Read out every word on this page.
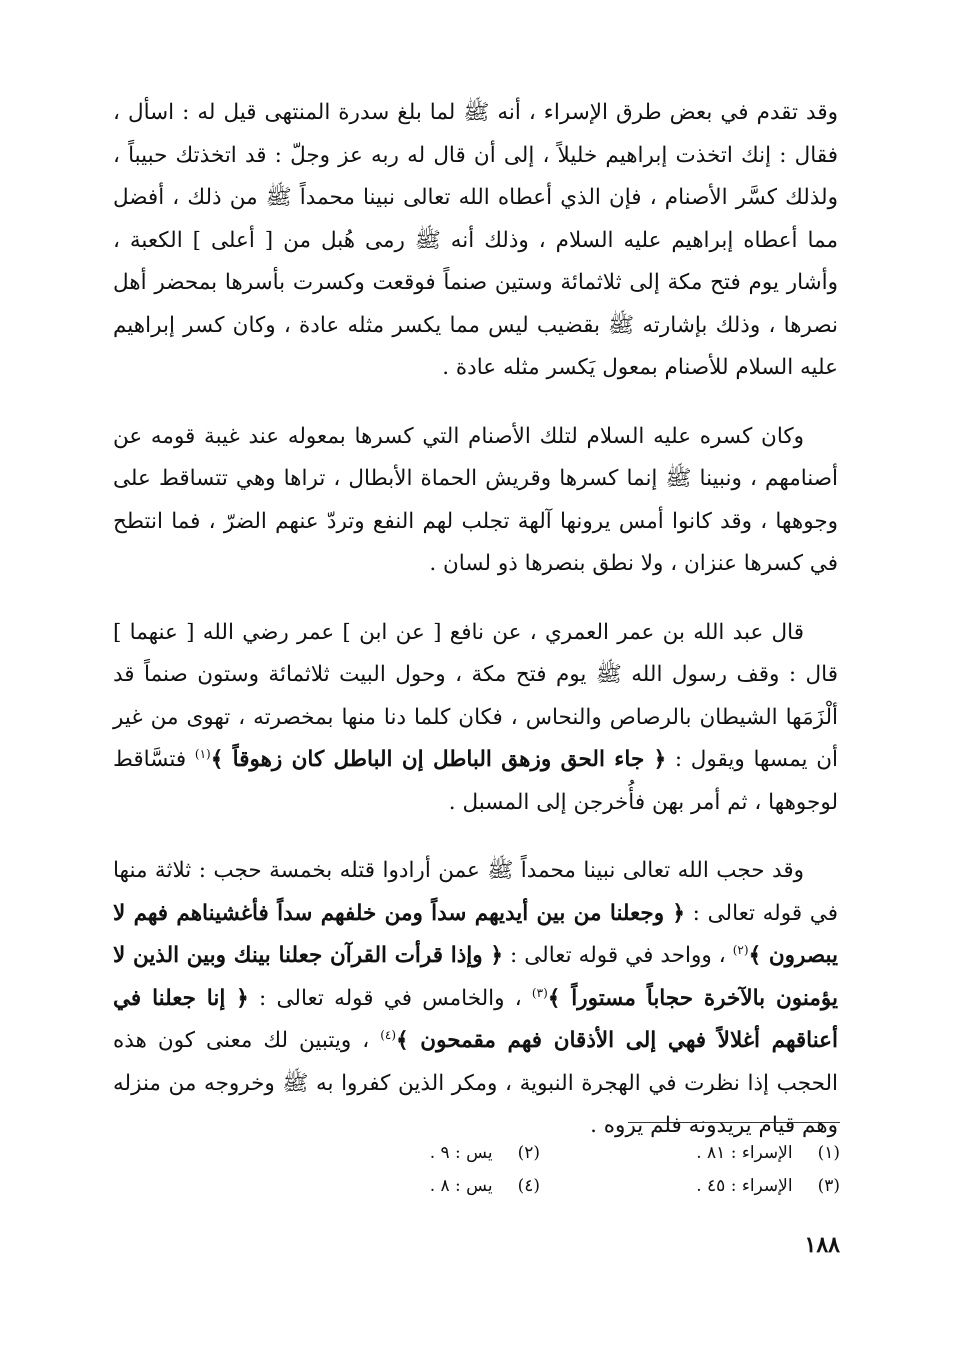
وقد تقدم في بعض طرق الإسراء ، أنه ﷺ لما بلغ سدرة المنتهى قيل له : اسأل ، فقال : إنك اتخذت إبراهيم خليلاً ، إلى أن قال له ربه عز وجلّ : قد اتخذتك حبيباً ، ولذلك كسَّر الأصنام ، فإن الذي أعطاه الله تعالى نبينا محمداً ﷺ من ذلك ، أفضل مما أعطاه إبراهيم عليه السلام ، وذلك أنه ﷺ رمى هُبل من [ أعلى ] الكعبة ، وأشار يوم فتح مكة إلى ثلاثمائة وستين صنماً فوقعت وكسرت بأسرها بمحضر أهل نصرها ، وذلك بإشارته ﷺ بقضيب ليس مما يكسر مثله عادة ، وكان كسر إبراهيم عليه السلام للأصنام بمعول يَكسر مثله عادة .

وكان كسره عليه السلام لتلك الأصنام التي كسرها بمعوله عند غيبة قومه عن أصنامهم ، ونبينا ﷺ إنما كسرها وقريش الحماة الأبطال ، تراها وهي تتساقط على وجوهها ، وقد كانوا أمس يرونها آلهة تجلب لهم النفع وتردّ عنهم الضرّ ، فما انتطح في كسرها عنزان ، ولا نطق بنصرها ذو لسان .

قال عبد الله بن عمر العمري ، عن نافع [ عن ابن ] عمر رضي الله [ عنهما ] قال : وقف رسول الله ﷺ يوم فتح مكة ، وحول البيت ثلاثمائة وستون صنماً قد ألْزَمَها الشيطان بالرصاص والنحاس ، فكان كلما دنا منها بمخصرته ، تهوى من غير أن يمسها ويقول : ﴿ جاء الحق وزهق الباطل إن الباطل كان زهوقاً ﴾$^{(١)}$ فتسَّاقط لوجوهها ، ثم أمر بهن فأُخرجن إلى المسبل .

وقد حجب الله تعالى نبينا محمداً ﷺ عمن أرادوا قتله بخمسة حجب : ثلاثة منها في قوله تعالى : ﴿ وجعلنا من بين أيديهم سداً ومن خلفهم سداً فأغشيناهم فهم لا يبصرون ﴾$^{(٢)}$ ، وواحد في قوله تعالى : ﴿ وإذا قرأت القرآن جعلنا بينك وبين الذين لا يؤمنون بالآخرة حجاباً مستوراً ﴾$^{(٣)}$ ، والخامس في قوله تعالى : ﴿ إنا جعلنا في أعناقهم أغلالاً فهي إلى الأذقان فهم مقمحون ﴾$^{(٤)}$ ، ويتبين لك معنى كون هذه الحجب إذا نظرت في الهجرة النبوية ، ومكر الذين كفروا به ﷺ وخروجه من منزله وهم قيام يريدونه فلم يروه .

(١) الإسراء : ٨١ .
(٢) يس : ٩ .
(٣) الإسراء : ٤٥ .
(٤) يس : ٨ .
١٨٨
